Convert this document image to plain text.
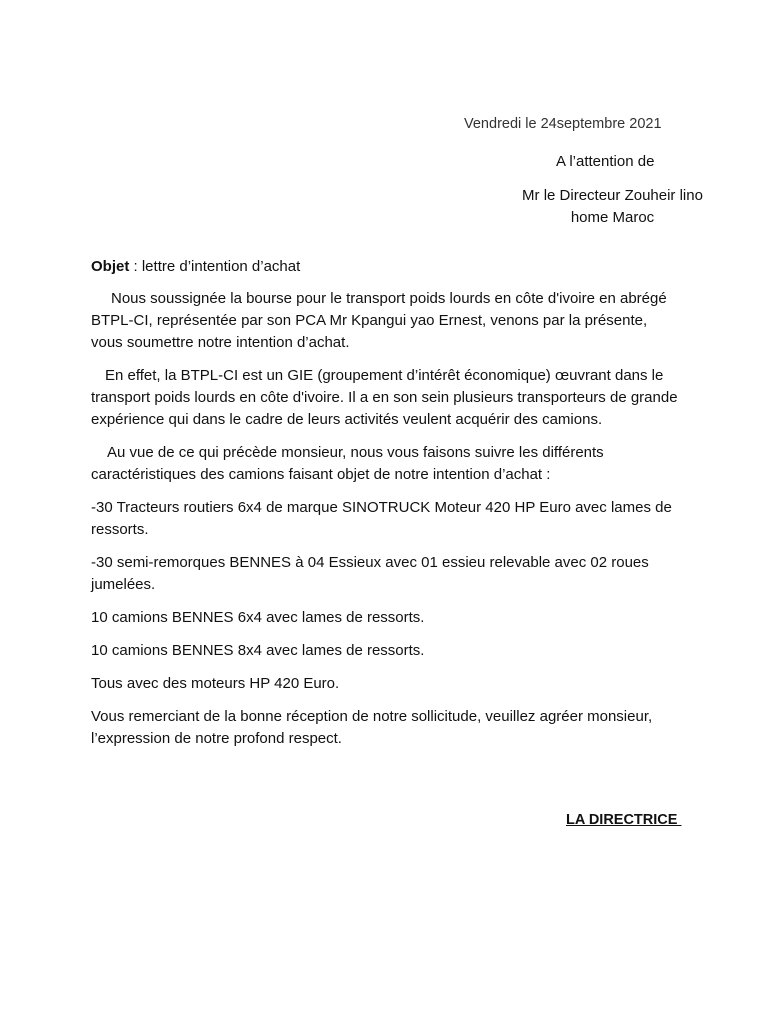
Vendredi le 24septembre 2021
A l’attention de
Mr le Directeur Zouheir lino
home Maroc

Objet : lettre d’intention d’achat

Nous soussignée la bourse pour le transport poids lourds en côte d'ivoire en abrégé BTPL-CI, représentée par son PCA Mr Kpangui yao Ernest, venons par la présente, vous soumettre notre intention d’achat.

En effet, la BTPL-CI est un GIE (groupement d’intérêt économique) œuvrant dans le transport poids lourds en côte d'ivoire. Il a en son sein plusieurs transporteurs de grande expérience qui dans le cadre de leurs activités veulent acquérir des camions.

Au vue de ce qui précède monsieur, nous vous faisons suivre les différents caractéristiques des camions faisant objet de notre intention d’achat :

-30 Tracteurs routiers 6x4 de marque SINOTRUCK Moteur 420 HP Euro avec lames de ressorts.

-30 semi-remorques BENNES à 04 Essieux avec 01 essieu relevable avec 02 roues jumelées.

10 camions BENNES 6x4 avec lames de ressorts.

10 camions BENNES 8x4 avec lames de ressorts.

Tous avec des moteurs HP 420 Euro.

Vous remerciant de la bonne réception de notre sollicitude, veuillez agréer monsieur, l’expression de notre profond respect.

LA DIRECTRICE
